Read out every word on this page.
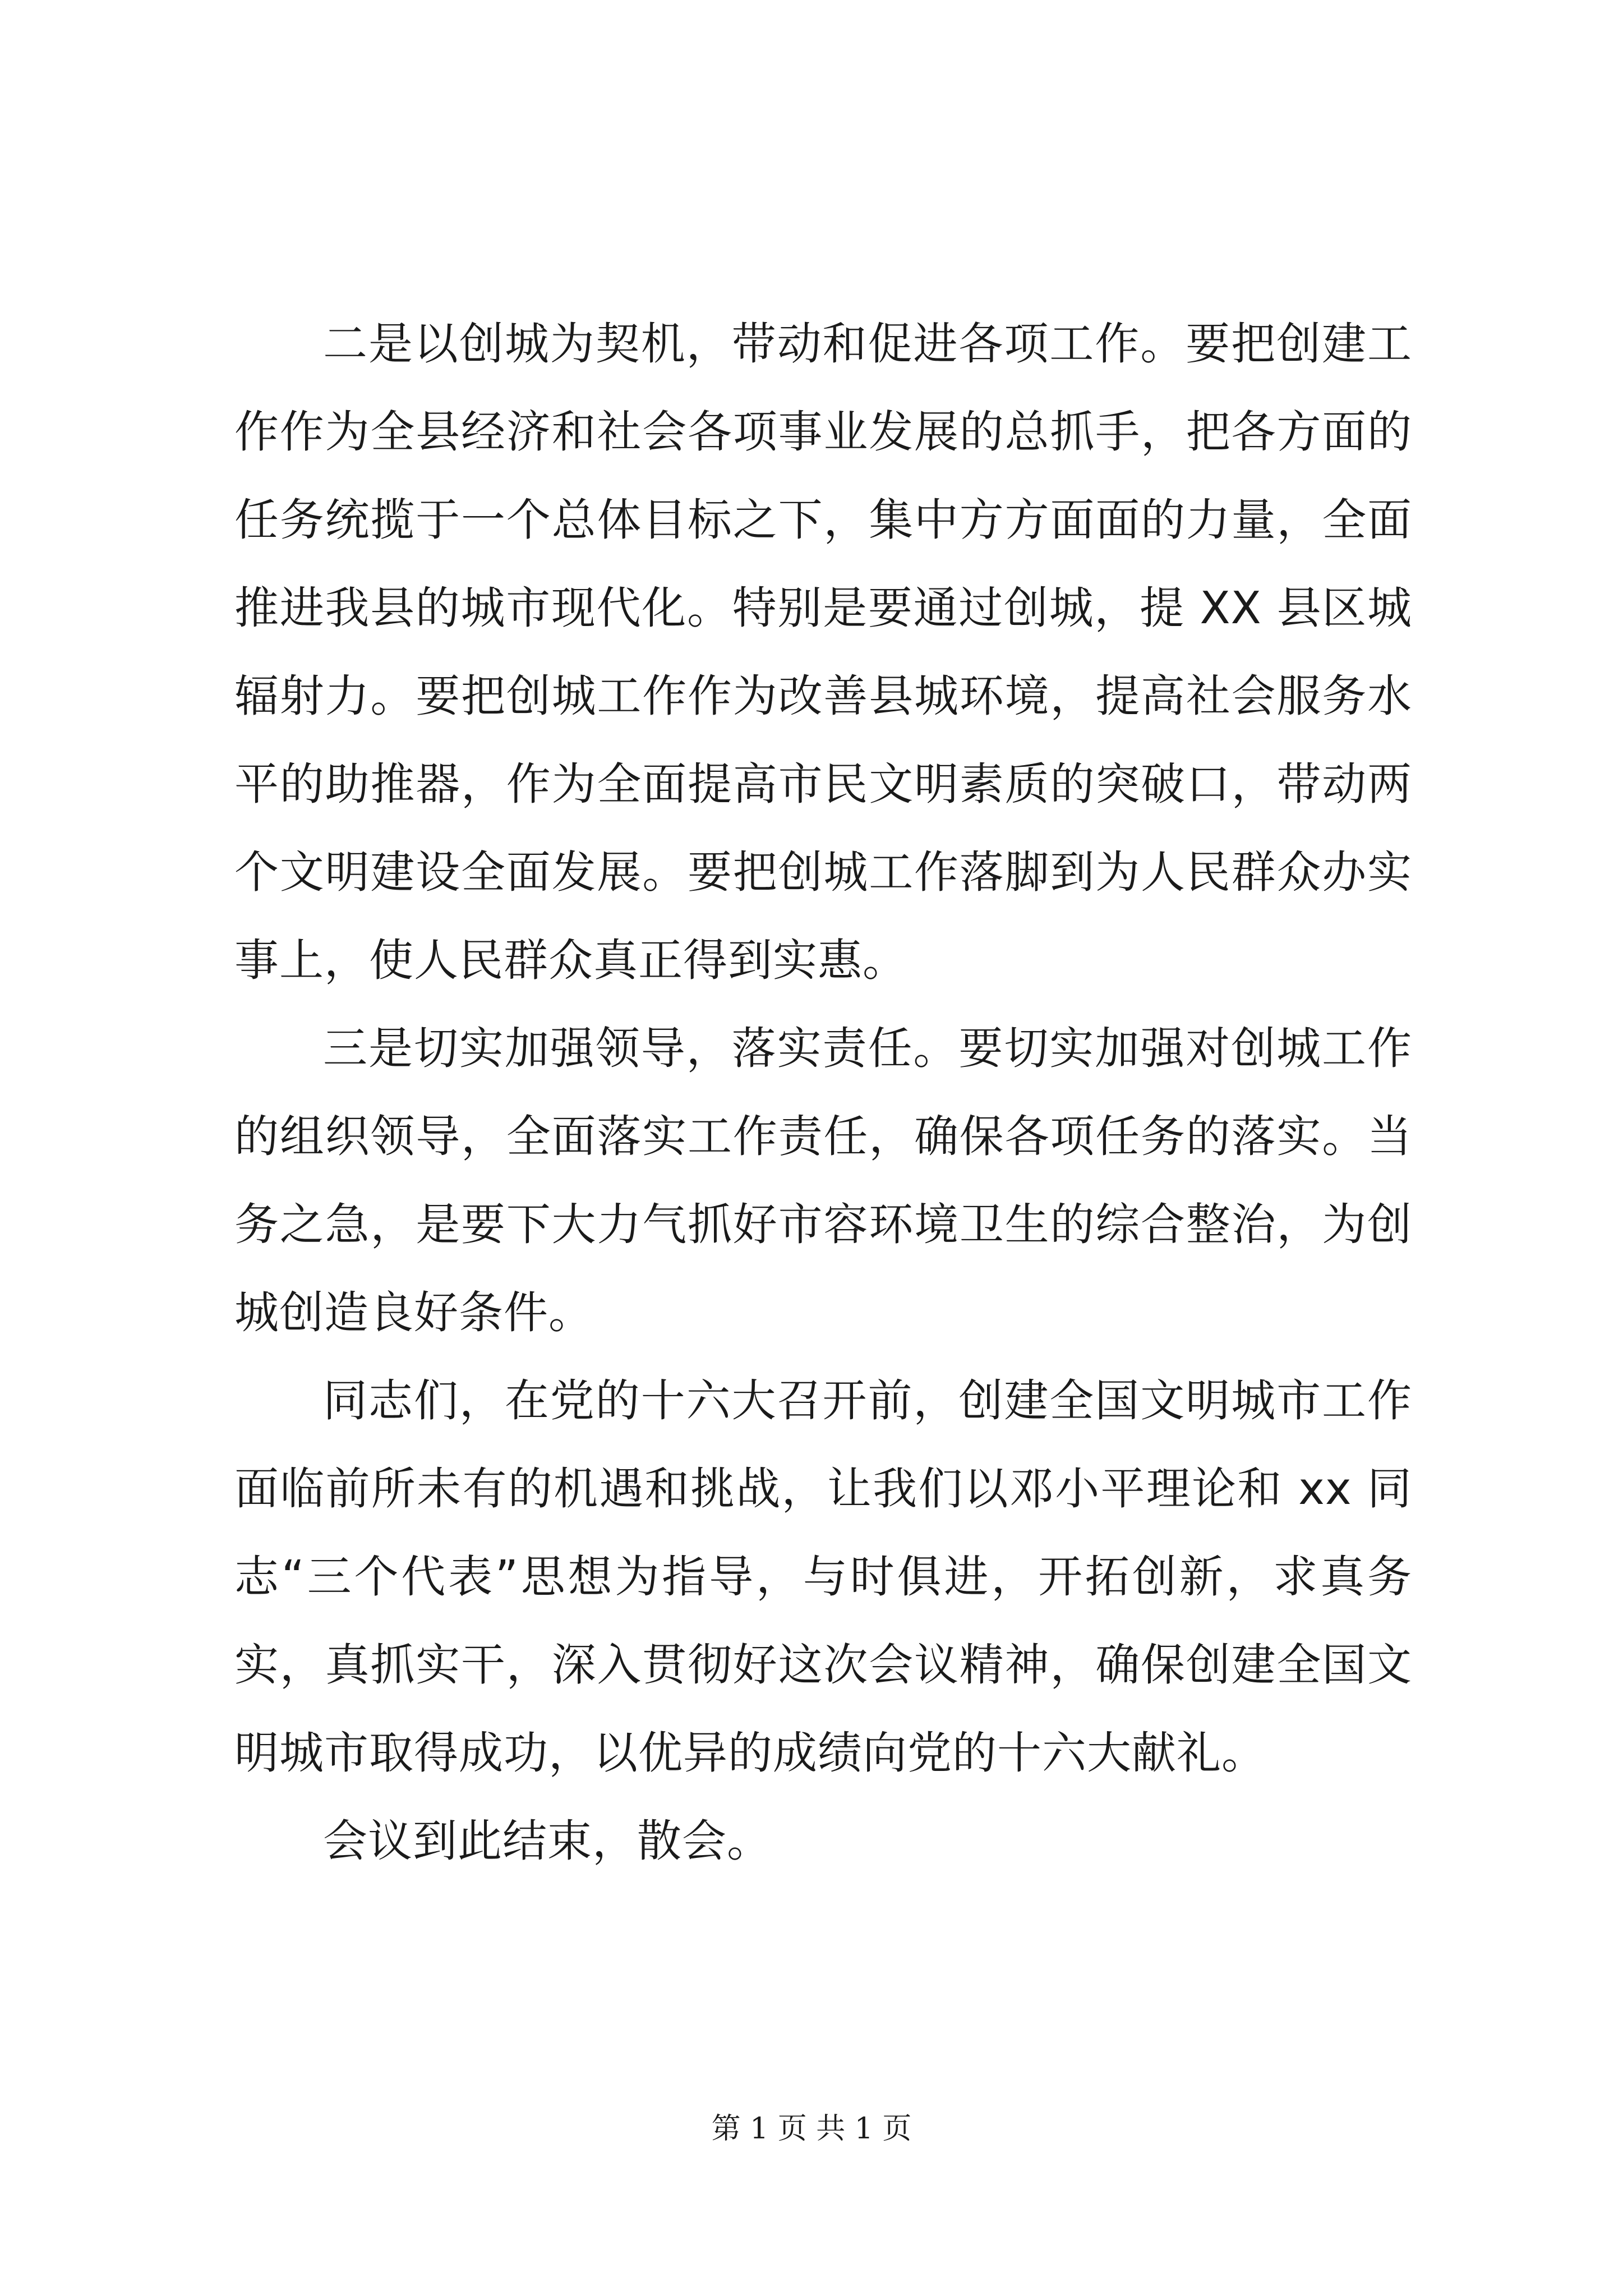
二是以创城为契机，带动和促进各项工作。要把创建工作作为全县经济和社会各项事业发展的总抓手，把各方面的任务统揽于一个总体目标之下，集中方方面面的力量，全面推进我县的城市现代化。特别是要通过创城，提 XX 县区城辐射力。要把创城工作作为改善县城环境，提高社会服务水平的助推器，作为全面提高市民文明素质的突破口，带动两个文明建设全面发展。要把创城工作落脚到为人民群众办实事上，使人民群众真正得到实惠。

三是切实加强领导，落实责任。要切实加强对创城工作的组织领导，全面落实工作责任，确保各项任务的落实。当务之急，是要下大力气抓好市容环境卫生的综合整治，为创城创造良好条件。

同志们，在党的十六大召开前，创建全国文明城市工作面临前所未有的机遇和挑战，让我们以邓小平理论和 xx 同志“三个代表”思想为指导，与时俱进，开拓创新，求真务实，真抓实干，深入贯彻好这次会议精神，确保创建全国文明城市取得成功，以优异的成绩向党的十六大献礼。

会议到此结束，散会。

第 1 页 共 1 页
